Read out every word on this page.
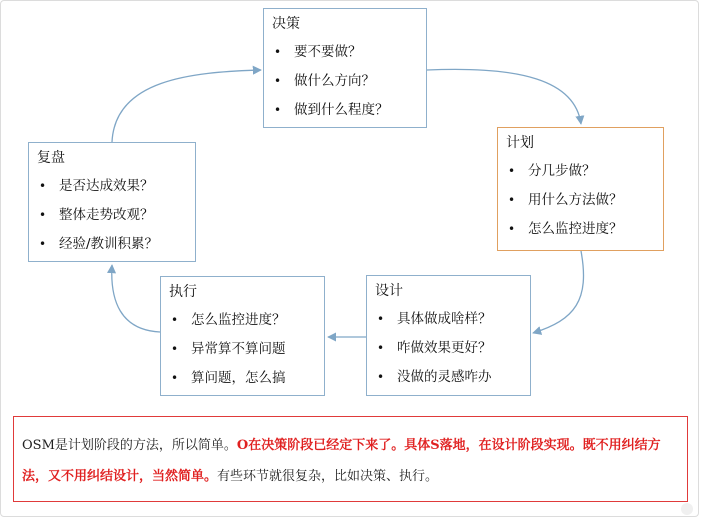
决策
• 要不要做？
• 做什么方向？
• 做到什么程度？
计划
• 分几步做？
• 用什么方法做？
• 怎么监控进度？
设计
• 具体做成啥样？
• 咋做效果更好？
• 没做的灵感咋办
执行
• 怎么监控进度？
• 异常算不算问题
• 算问题，怎么搞
复盘
• 是否达成效果？
• 整体走势改观？
• 经验/教训积累？
OSM是计划阶段的方法，所以简单。O在决策阶段已经定下来了。具体S落地，在设计阶段实现。既不用纠结方法，又不用纠结设计，当然简单。有些环节就很复杂，比如决策、执行。
